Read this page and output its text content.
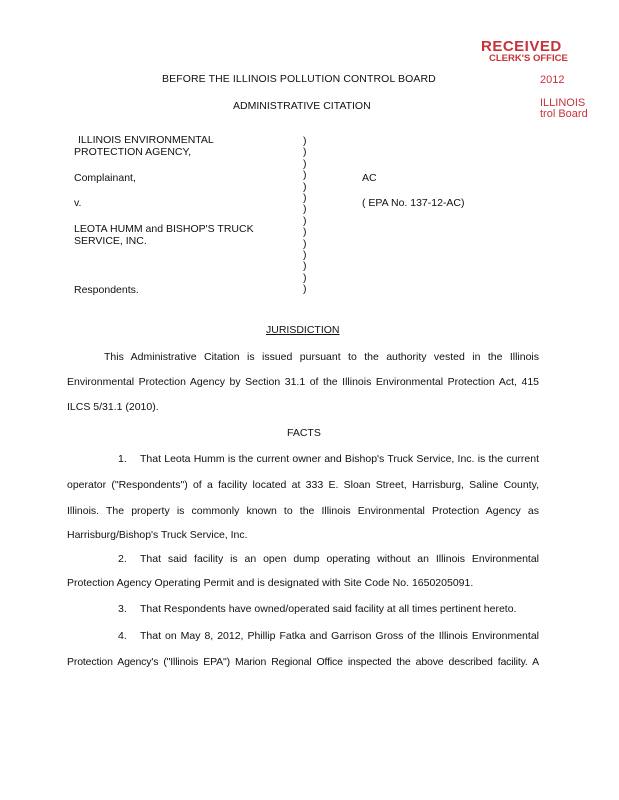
RECEIVED
CLERK'S OFFICE
2012
ILLINOIS
trol Board
BEFORE THE ILLINOIS POLLUTION CONTROL BOARD
ADMINISTRATIVE CITATION
ILLINOIS ENVIRONMENTAL
PROTECTION AGENCY,
Complainant,
v.
LEOTA HUMM and BISHOP'S TRUCK
SERVICE, INC.
Respondents.
)
)
)
)
)
)
)
)
)
)
)
)
)
)
AC
( EPA No. 137-12-AC)
JURISDICTION
This Administrative Citation is issued pursuant to the authority vested in the Illinois
Environmental Protection Agency by Section 31.1 of the Illinois Environmental Protection Act, 415
ILCS 5/31.1 (2010).
FACTS
1. That Leota Humm is the current owner and Bishop's Truck Service, Inc. is the current
operator ("Respondents") of a facility located at 333 E. Sloan Street, Harrisburg, Saline County,
Illinois. The property is commonly known to the Illinois Environmental Protection Agency as
Harrisburg/Bishop's Truck Service, Inc.
2. That said facility is an open dump operating without an Illinois Environmental
Protection Agency Operating Permit and is designated with Site Code No. 1650205091.
3. That Respondents have owned/operated said facility at all times pertinent hereto.
4. That on May 8, 2012, Phillip Fatka and Garrison Gross of the Illinois Environmental
Protection Agency's ("Illinois EPA") Marion Regional Office inspected the above described facility. A
